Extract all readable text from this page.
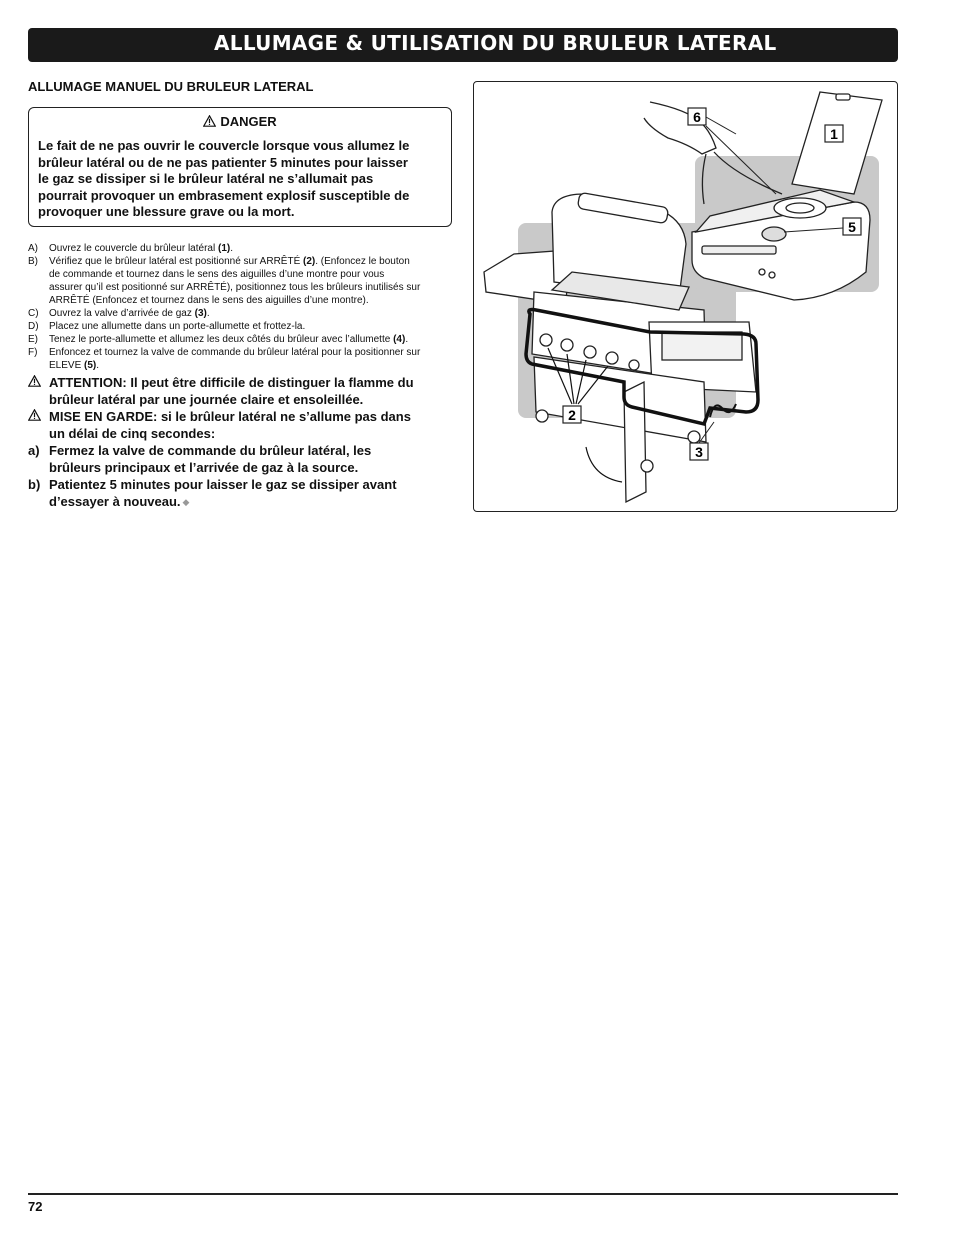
ALLUMAGE & UTILISATION DU BRULEUR LATERAL
ALLUMAGE MANUEL DU BRULEUR LATERAL
DANGER
Le fait de ne pas ouvrir le couvercle lorsque vous allumez le
brûleur latéral ou de ne pas patienter 5 minutes pour laisser
le gaz se dissiper si le brûleur latéral ne s’allumait pas
pourrait provoquer un embrasement explosif susceptible de
provoquer une blessure grave ou la mort.
A) Ouvrez le couvercle du brûleur latéral (1).
B) Vérifiez que le brûleur latéral est positionné sur ARRÊTÉ (2). (Enfoncez le bouton
de commande et tournez dans le sens des aiguilles d’une montre pour vous
assurer qu’il est positionné sur ARRÊTÉ), positionnez tous les brûleurs inutilisés sur
ARRÊTÉ (Enfoncez et tournez dans le sens des aiguilles d’une montre).
C) Ouvrez la valve d’arrivée de gaz (3).
D) Placez une allumette dans un porte-allumette et frottez-la.
E) Tenez le porte-allumette et allumez les deux côtés du brûleur avec l’allumette (4).
F) Enfoncez et tournez la valve de commande du brûleur latéral pour la positionner sur
ELEVE (5).
ATTENTION: Il peut être difficile de distinguer la flamme du
brûleur latéral par une journée claire et ensoleillée.
MISE EN GARDE: si le brûleur latéral ne s’allume pas dans
un délai de cinq secondes:
a) Fermez la valve de commande du brûleur latéral, les
brûleurs principaux et l’arrivée de gaz à la source.
b) Patientez 5 minutes pour laisser le gaz se dissiper avant
d’essayer à nouveau. ◆
6
1
5
2
3
72
